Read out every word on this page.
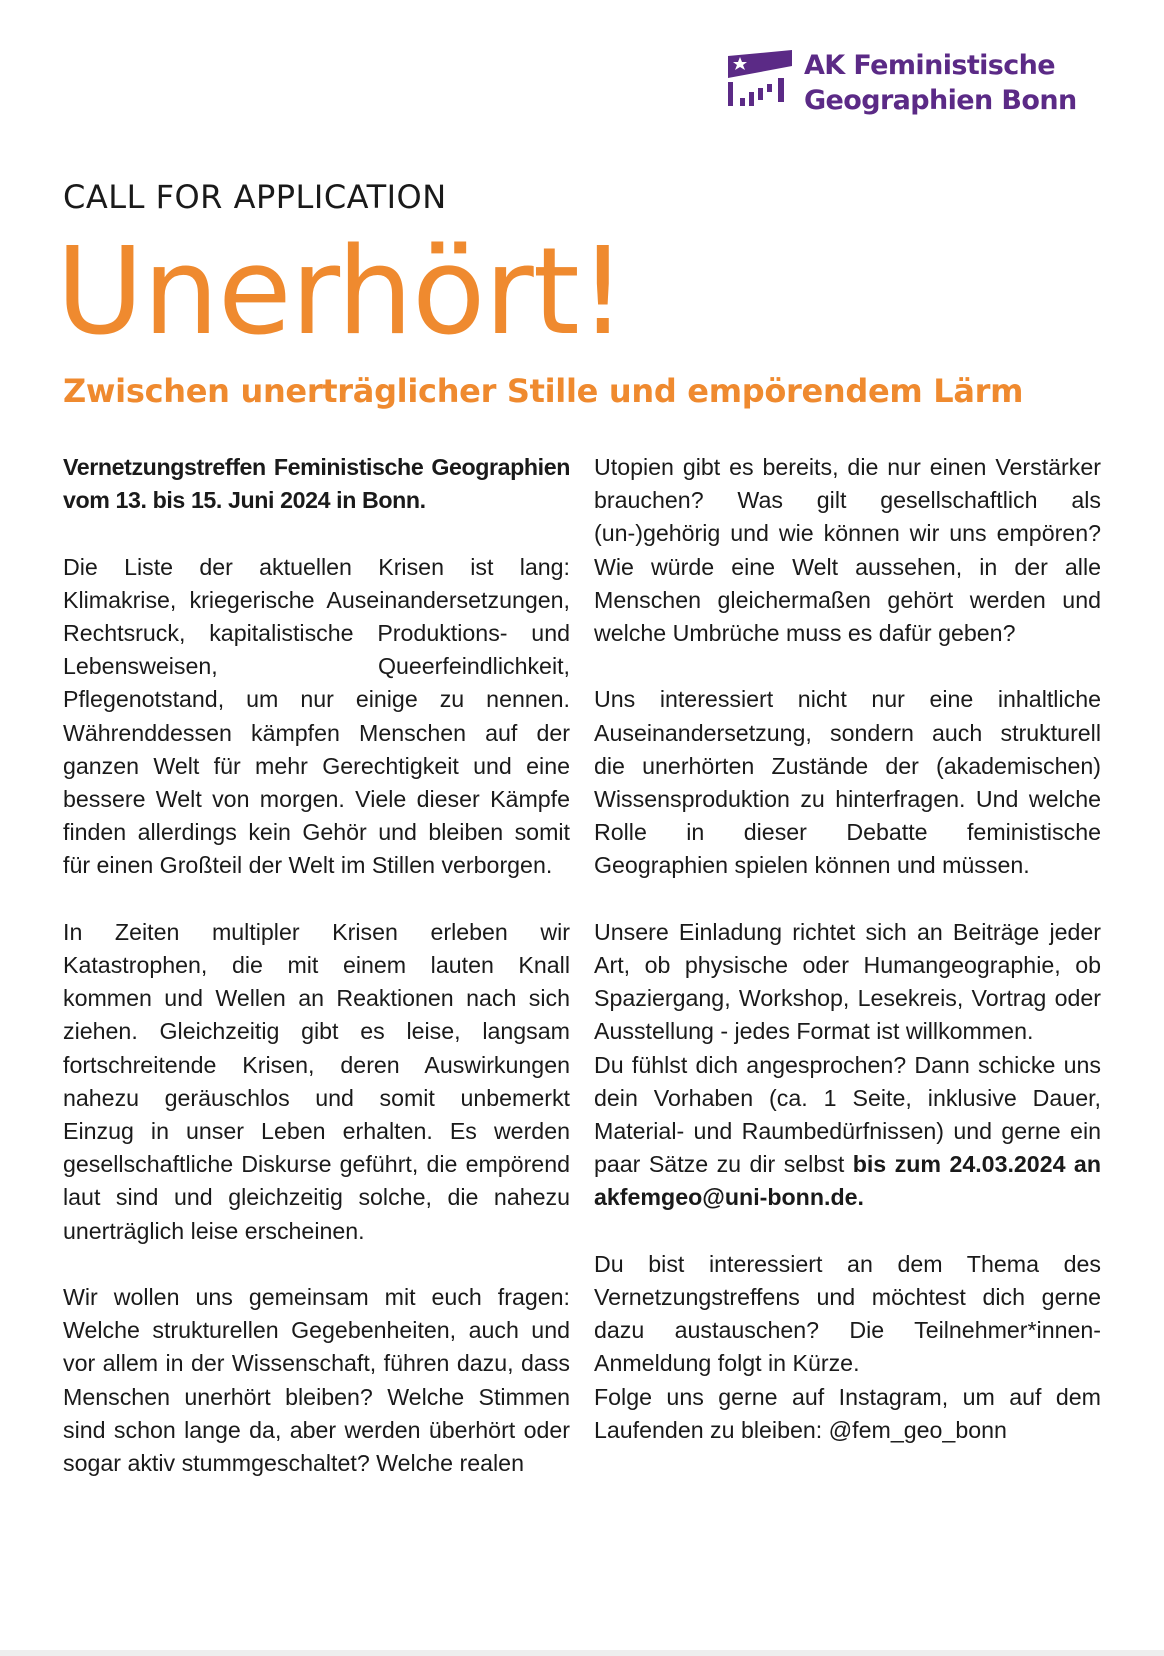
AK Feministische
Geographien Bonn
CALL FOR APPLICATION
Unerhört!
Zwischen unerträglicher Stille und empörendem Lärm

Vernetzungstreffen Feministische Geographien vom 13. bis 15. Juni 2024 in Bonn.

Die Liste der aktuellen Krisen ist lang: Klimakrise, kriegerische Auseinandersetzungen, Rechtsruck, kapitalistische Produktions- und Lebensweisen, Queerfeindlichkeit, Pflegenotstand, um nur einige zu nennen. Währenddessen kämpfen Menschen auf der ganzen Welt für mehr Gerechtigkeit und eine bessere Welt von morgen. Viele dieser Kämpfe finden allerdings kein Gehör und bleiben somit für einen Großteil der Welt im Stillen verborgen.

In Zeiten multipler Krisen erleben wir Katastrophen, die mit einem lauten Knall kommen und Wellen an Reaktionen nach sich ziehen. Gleichzeitig gibt es leise, langsam fortschreitende Krisen, deren Auswirkungen nahezu geräuschlos und somit unbemerkt Einzug in unser Leben erhalten. Es werden gesellschaftliche Diskurse geführt, die empörend laut sind und gleichzeitig solche, die nahezu unerträglich leise erscheinen.

Wir wollen uns gemeinsam mit euch fragen: Welche strukturellen Gegebenheiten, auch und vor allem in der Wissenschaft, führen dazu, dass Menschen unerhört bleiben? Welche Stimmen sind schon lange da, aber werden überhört oder sogar aktiv stummgeschaltet? Welche realen

Utopien gibt es bereits, die nur einen Verstärker brauchen? Was gilt gesellschaftlich als (un-)gehörig und wie können wir uns empören? Wie würde eine Welt aussehen, in der alle Menschen gleichermaßen gehört werden und welche Umbrüche muss es dafür geben?

Uns interessiert nicht nur eine inhaltliche Auseinandersetzung, sondern auch strukturell die unerhörten Zustände der (akademischen) Wissensproduktion zu hinterfragen. Und welche Rolle in dieser Debatte feministische Geographien spielen können und müssen.

Unsere Einladung richtet sich an Beiträge jeder Art, ob physische oder Humangeographie, ob Spaziergang, Workshop, Lesekreis, Vortrag oder Ausstellung - jedes Format ist willkommen.

Du fühlst dich angesprochen? Dann schicke uns dein Vorhaben (ca. 1 Seite, inklusive Dauer, Material- und Raumbedürfnissen) und gerne ein paar Sätze zu dir selbst bis zum 24.03.2024 an akfemgeo@uni-bonn.de.

Du bist interessiert an dem Thema des Vernetzungstreffens und möchtest dich gerne dazu austauschen? Die Teilnehmer*innen-Anmeldung folgt in Kürze.

Folge uns gerne auf Instagram, um auf dem Laufenden zu bleiben: @fem_geo_bonn
